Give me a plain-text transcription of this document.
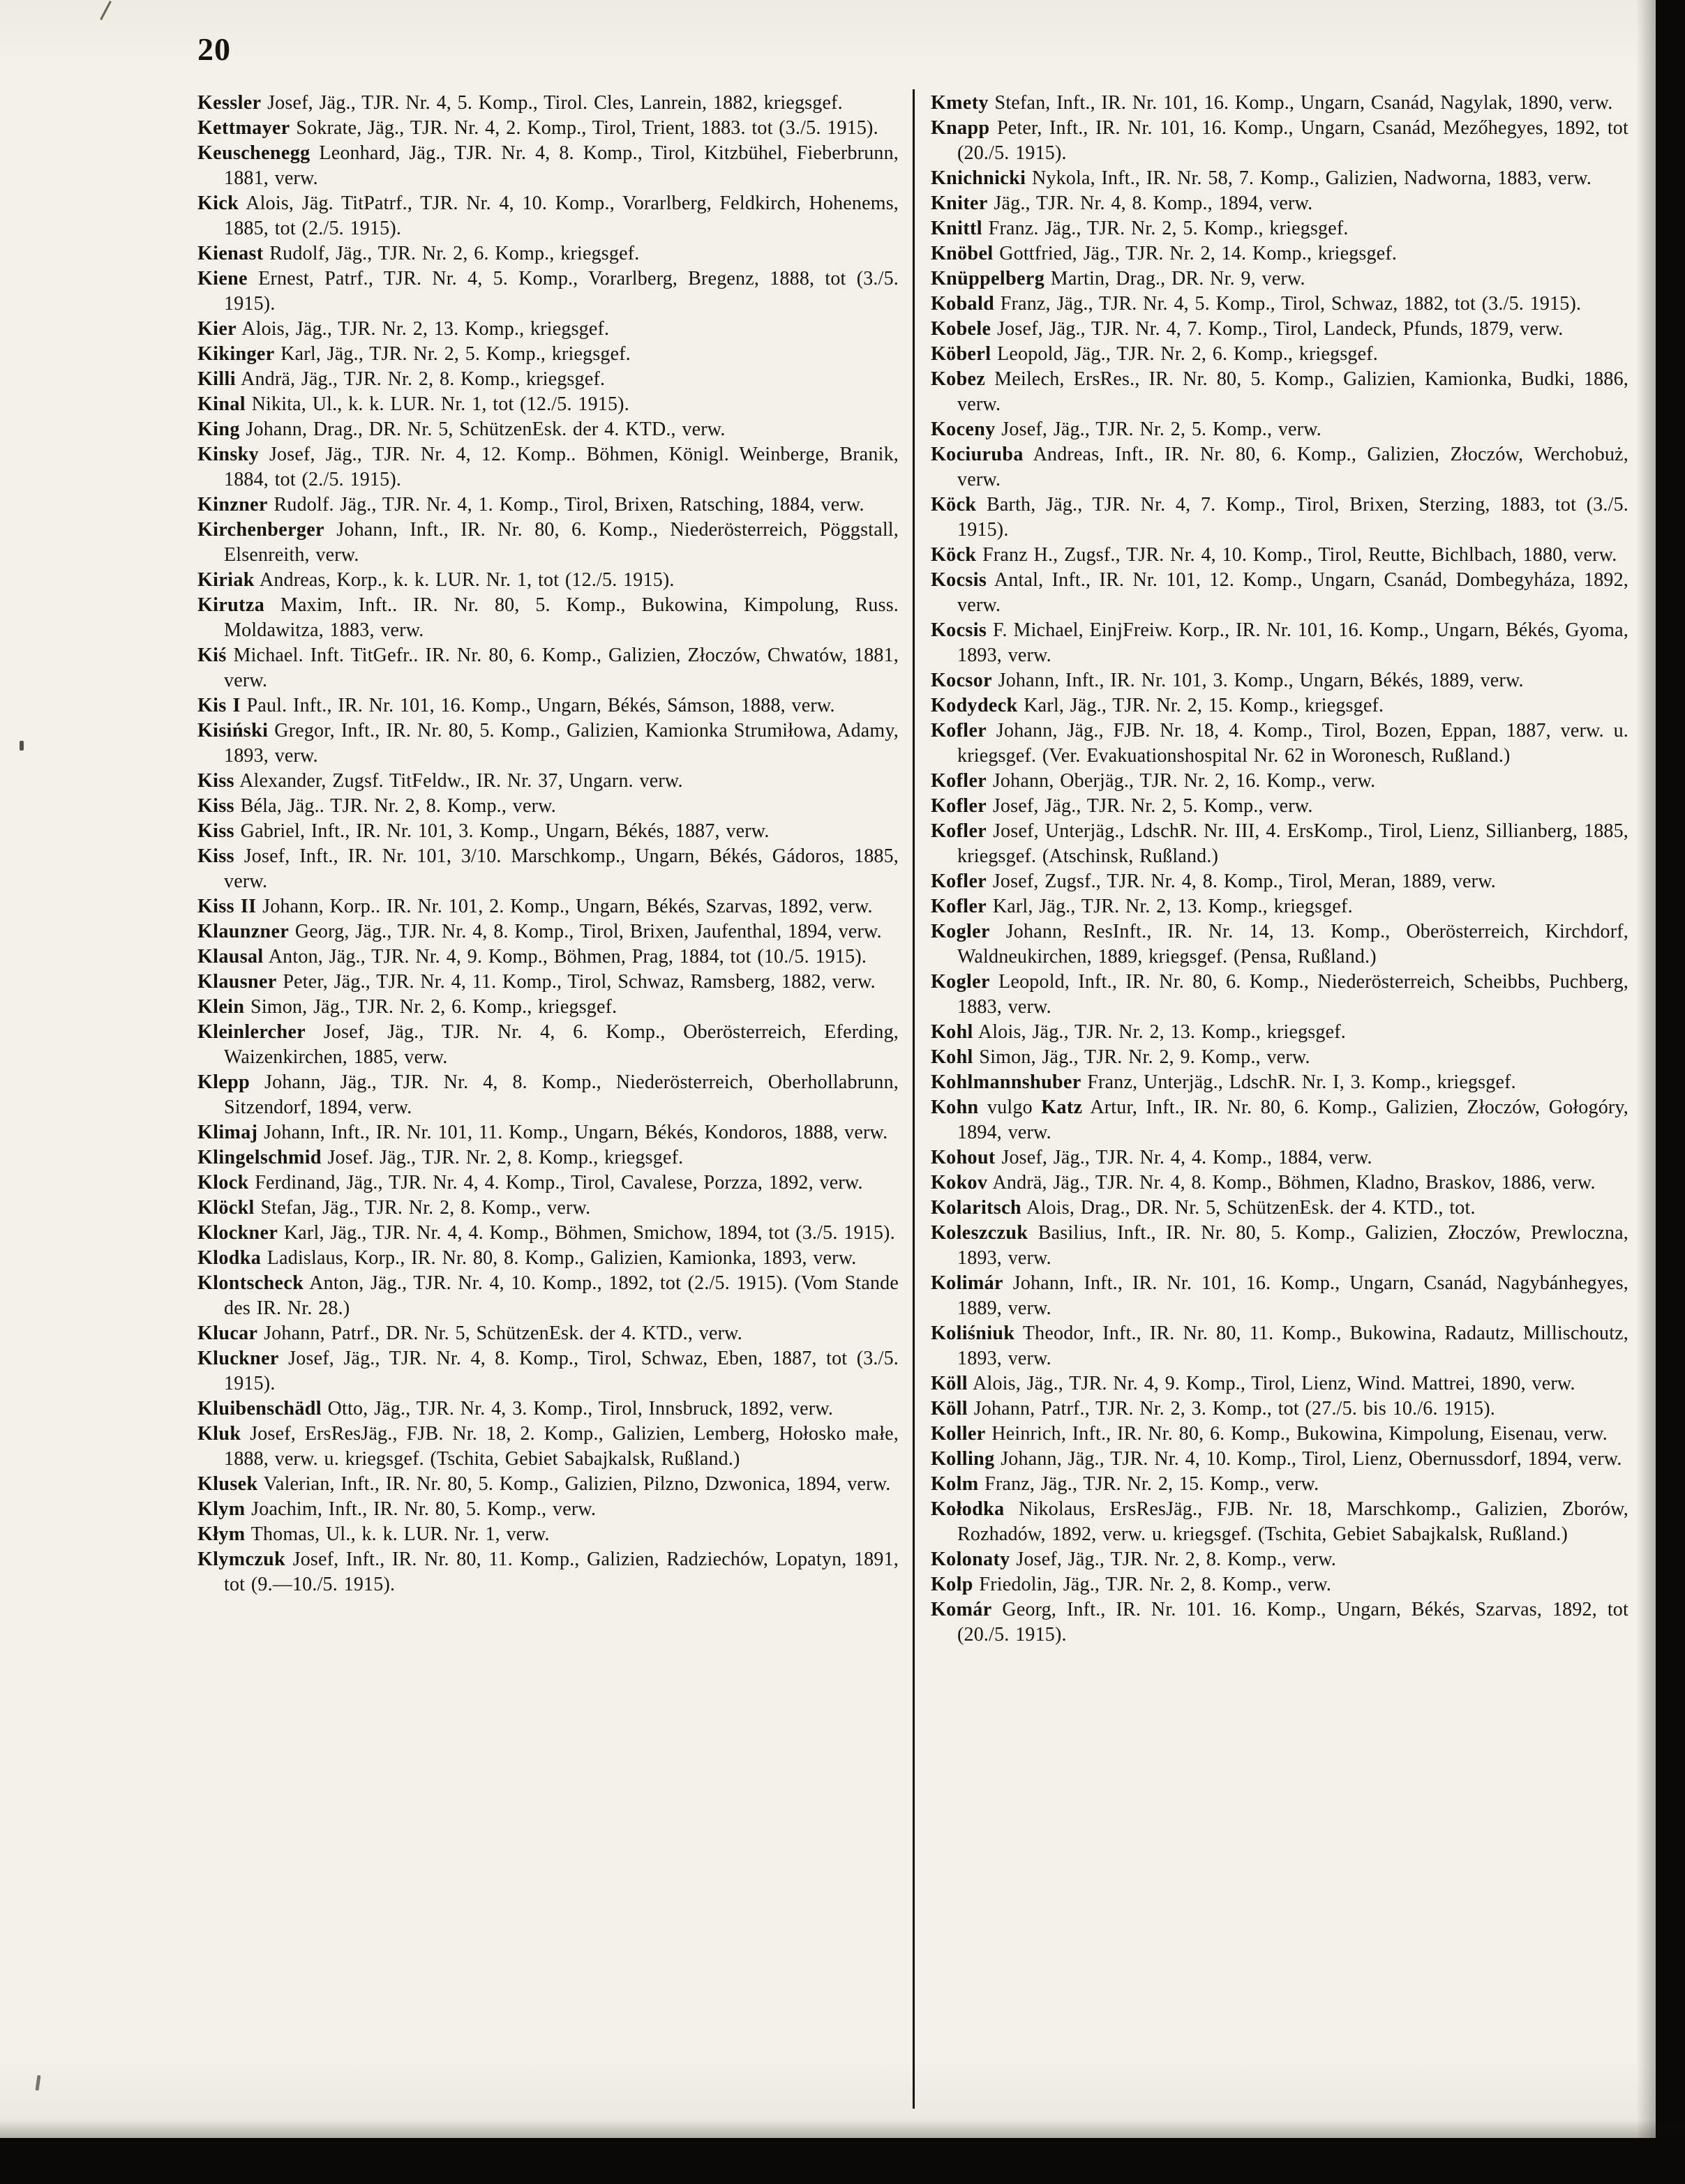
20

Kessler Josef, Jäg., TJR. Nr. 4, 5. Komp., Tirol. Cles, Lanrein, 1882, kriegsgef.

Kettmayer Sokrate, Jäg., TJR. Nr. 4, 2. Komp., Tirol, Trient, 1883. tot (3./5. 1915).

Keuschenegg Leonhard, Jäg., TJR. Nr. 4, 8. Komp., Tirol, Kitzbühel, Fieberbrunn, 1881, verw.

Kick Alois, Jäg. TitPatrf., TJR. Nr. 4, 10. Komp., Vorarlberg, Feldkirch, Hohenems, 1885, tot (2./5. 1915).

Kienast Rudolf, Jäg., TJR. Nr. 2, 6. Komp., kriegsgef.

Kiene Ernest, Patrf., TJR. Nr. 4, 5. Komp., Vorarlberg, Bregenz, 1888, tot (3./5. 1915).

Kier Alois, Jäg., TJR. Nr. 2, 13. Komp., kriegsgef.

Kikinger Karl, Jäg., TJR. Nr. 2, 5. Komp., kriegsgef.

Killi Andrä, Jäg., TJR. Nr. 2, 8. Komp., kriegsgef.

Kinal Nikita, Ul., k. k. LUR. Nr. 1, tot (12./5. 1915).

King Johann, Drag., DR. Nr. 5, SchützenEsk. der 4. KTD., verw.

Kinsky Josef, Jäg., TJR. Nr. 4, 12. Komp.. Böhmen, Königl. Weinberge, Branik, 1884, tot (2./5. 1915).

Kinzner Rudolf. Jäg., TJR. Nr. 4, 1. Komp., Tirol, Brixen, Ratsching, 1884, verw.

Kirchenberger Johann, Inft., IR. Nr. 80, 6. Komp., Niederösterreich, Pöggstall, Elsenreith, verw.

Kiriak Andreas, Korp., k. k. LUR. Nr. 1, tot (12./5. 1915).

Kirutza Maxim, Inft.. IR. Nr. 80, 5. Komp., Bukowina, Kimpolung, Russ. Moldawitza, 1883, verw.

Kiś Michael. Inft. TitGefr.. IR. Nr. 80, 6. Komp., Galizien, Złoczów, Chwatów, 1881, verw.

Kis I Paul. Inft., IR. Nr. 101, 16. Komp., Ungarn, Békés, Sámson, 1888, verw.

Kisiński Gregor, Inft., IR. Nr. 80, 5. Komp., Galizien, Kamionka Strumiłowa, Adamy, 1893, verw.

Kiss Alexander, Zugsf. TitFeldw., IR. Nr. 37, Ungarn. verw.

Kiss Béla, Jäg.. TJR. Nr. 2, 8. Komp., verw.

Kiss Gabriel, Inft., IR. Nr. 101, 3. Komp., Ungarn, Békés, 1887, verw.

Kiss Josef, Inft., IR. Nr. 101, 3/10. Marschkomp., Ungarn, Békés, Gádoros, 1885, verw.

Kiss II Johann, Korp.. IR. Nr. 101, 2. Komp., Ungarn, Békés, Szarvas, 1892, verw.

Klaunzner Georg, Jäg., TJR. Nr. 4, 8. Komp., Tirol, Brixen, Jaufenthal, 1894, verw.

Klausal Anton, Jäg., TJR. Nr. 4, 9. Komp., Böhmen, Prag, 1884, tot (10./5. 1915).

Klausner Peter, Jäg., TJR. Nr. 4, 11. Komp., Tirol, Schwaz, Ramsberg, 1882, verw.

Klein Simon, Jäg., TJR. Nr. 2, 6. Komp., kriegsgef.

Kleinlercher Josef, Jäg., TJR. Nr. 4, 6. Komp., Oberösterreich, Eferding, Waizenkirchen, 1885, verw.

Klepp Johann, Jäg., TJR. Nr. 4, 8. Komp., Niederösterreich, Oberhollabrunn, Sitzendorf, 1894, verw.

Klimaj Johann, Inft., IR. Nr. 101, 11. Komp., Ungarn, Békés, Kondoros, 1888, verw.

Klingelschmid Josef. Jäg., TJR. Nr. 2, 8. Komp., kriegsgef.

Klock Ferdinand, Jäg., TJR. Nr. 4, 4. Komp., Tirol, Cavalese, Porzza, 1892, verw.

Klöckl Stefan, Jäg., TJR. Nr. 2, 8. Komp., verw.

Klockner Karl, Jäg., TJR. Nr. 4, 4. Komp., Böhmen, Smichow, 1894, tot (3./5. 1915).

Klodka Ladislaus, Korp., IR. Nr. 80, 8. Komp., Galizien, Kamionka, 1893, verw.

Klontscheck Anton, Jäg., TJR. Nr. 4, 10. Komp., 1892, tot (2./5. 1915). (Vom Stande des IR. Nr. 28.)

Klucar Johann, Patrf., DR. Nr. 5, SchützenEsk. der 4. KTD., verw.

Kluckner Josef, Jäg., TJR. Nr. 4, 8. Komp., Tirol, Schwaz, Eben, 1887, tot (3./5. 1915).

Kluibenschädl Otto, Jäg., TJR. Nr. 4, 3. Komp., Tirol, Innsbruck, 1892, verw.

Kluk Josef, ErsResJäg., FJB. Nr. 18, 2. Komp., Galizien, Lemberg, Hołosko małe, 1888, verw. u. kriegsgef. (Tschita, Gebiet Sabajkalsk, Rußland.)

Klusek Valerian, Inft., IR. Nr. 80, 5. Komp., Galizien, Pilzno, Dzwonica, 1894, verw.

Klym Joachim, Inft., IR. Nr. 80, 5. Komp., verw.

Kłym Thomas, Ul., k. k. LUR. Nr. 1, verw.

Klymczuk Josef, Inft., IR. Nr. 80, 11. Komp., Galizien, Radziechów, Lopatyn, 1891, tot (9.—10./5. 1915).

Kmety Stefan, Inft., IR. Nr. 101, 16. Komp., Ungarn, Csanád, Nagylak, 1890, verw.

Knapp Peter, Inft., IR. Nr. 101, 16. Komp., Ungarn, Csanád, Mezőhegyes, 1892, tot (20./5. 1915).

Knichnicki Nykola, Inft., IR. Nr. 58, 7. Komp., Galizien, Nadworna, 1883, verw.

Kniter Jäg., TJR. Nr. 4, 8. Komp., 1894, verw.

Knittl Franz. Jäg., TJR. Nr. 2, 5. Komp., kriegsgef.

Knöbel Gottfried, Jäg., TJR. Nr. 2, 14. Komp., kriegsgef.

Knüppelberg Martin, Drag., DR. Nr. 9, verw.

Kobald Franz, Jäg., TJR. Nr. 4, 5. Komp., Tirol, Schwaz, 1882, tot (3./5. 1915).

Kobele Josef, Jäg., TJR. Nr. 4, 7. Komp., Tirol, Landeck, Pfunds, 1879, verw.

Köberl Leopold, Jäg., TJR. Nr. 2, 6. Komp., kriegsgef.

Kobez Meilech, ErsRes., IR. Nr. 80, 5. Komp., Galizien, Kamionka, Budki, 1886, verw.

Koceny Josef, Jäg., TJR. Nr. 2, 5. Komp., verw.

Kociuruba Andreas, Inft., IR. Nr. 80, 6. Komp., Galizien, Złoczów, Werchobuż, verw.

Köck Barth, Jäg., TJR. Nr. 4, 7. Komp., Tirol, Brixen, Sterzing, 1883, tot (3./5. 1915).

Köck Franz H., Zugsf., TJR. Nr. 4, 10. Komp., Tirol, Reutte, Bichlbach, 1880, verw.

Kocsis Antal, Inft., IR. Nr. 101, 12. Komp., Ungarn, Csanád, Dombegyháza, 1892, verw.

Kocsis F. Michael, EinjFreiw. Korp., IR. Nr. 101, 16. Komp., Ungarn, Békés, Gyoma, 1893, verw.

Kocsor Johann, Inft., IR. Nr. 101, 3. Komp., Ungarn, Békés, 1889, verw.

Kodydeck Karl, Jäg., TJR. Nr. 2, 15. Komp., kriegsgef.

Kofler Johann, Jäg., FJB. Nr. 18, 4. Komp., Tirol, Bozen, Eppan, 1887, verw. u. kriegsgef. (Ver. Evakuationshospital Nr. 62 in Woronesch, Rußland.)

Kofler Johann, Oberjäg., TJR. Nr. 2, 16. Komp., verw.

Kofler Josef, Jäg., TJR. Nr. 2, 5. Komp., verw.

Kofler Josef, Unterjäg., LdschR. Nr. III, 4. ErsKomp., Tirol, Lienz, Sillianberg, 1885, kriegsgef. (Atschinsk, Rußland.)

Kofler Josef, Zugsf., TJR. Nr. 4, 8. Komp., Tirol, Meran, 1889, verw.

Kofler Karl, Jäg., TJR. Nr. 2, 13. Komp., kriegsgef.

Kogler Johann, ResInft., IR. Nr. 14, 13. Komp., Oberösterreich, Kirchdorf, Waldneukirchen, 1889, kriegsgef. (Pensa, Rußland.)

Kogler Leopold, Inft., IR. Nr. 80, 6. Komp., Niederösterreich, Scheibbs, Puchberg, 1883, verw.

Kohl Alois, Jäg., TJR. Nr. 2, 13. Komp., kriegsgef.

Kohl Simon, Jäg., TJR. Nr. 2, 9. Komp., verw.

Kohlmannshuber Franz, Unterjäg., LdschR. Nr. I, 3. Komp., kriegsgef.

Kohn vulgo Katz Artur, Inft., IR. Nr. 80, 6. Komp., Galizien, Złoczów, Gołogóry, 1894, verw.

Kohout Josef, Jäg., TJR. Nr. 4, 4. Komp., 1884, verw.

Kokov Andrä, Jäg., TJR. Nr. 4, 8. Komp., Böhmen, Kladno, Braskov, 1886, verw.

Kolaritsch Alois, Drag., DR. Nr. 5, SchützenEsk. der 4. KTD., tot.

Koleszczuk Basilius, Inft., IR. Nr. 80, 5. Komp., Galizien, Złoczów, Prewloczna, 1893, verw.

Kolimár Johann, Inft., IR. Nr. 101, 16. Komp., Ungarn, Csanád, Nagybánhegyes, 1889, verw.

Koliśniuk Theodor, Inft., IR. Nr. 80, 11. Komp., Bukowina, Radautz, Millischoutz, 1893, verw.

Köll Alois, Jäg., TJR. Nr. 4, 9. Komp., Tirol, Lienz, Wind. Mattrei, 1890, verw.

Köll Johann, Patrf., TJR. Nr. 2, 3. Komp., tot (27./5. bis 10./6. 1915).

Koller Heinrich, Inft., IR. Nr. 80, 6. Komp., Bukowina, Kimpolung, Eisenau, verw.

Kolling Johann, Jäg., TJR. Nr. 4, 10. Komp., Tirol, Lienz, Obernussdorf, 1894, verw.

Kolm Franz, Jäg., TJR. Nr. 2, 15. Komp., verw.

Kołodka Nikolaus, ErsResJäg., FJB. Nr. 18, Marschkomp., Galizien, Zborów, Rozhadów, 1892, verw. u. kriegsgef. (Tschita, Gebiet Sabajkalsk, Rußland.)

Kolonaty Josef, Jäg., TJR. Nr. 2, 8. Komp., verw.

Kolp Friedolin, Jäg., TJR. Nr. 2, 8. Komp., verw.

Komár Georg, Inft., IR. Nr. 101. 16. Komp., Ungarn, Békés, Szarvas, 1892, tot (20./5. 1915).
